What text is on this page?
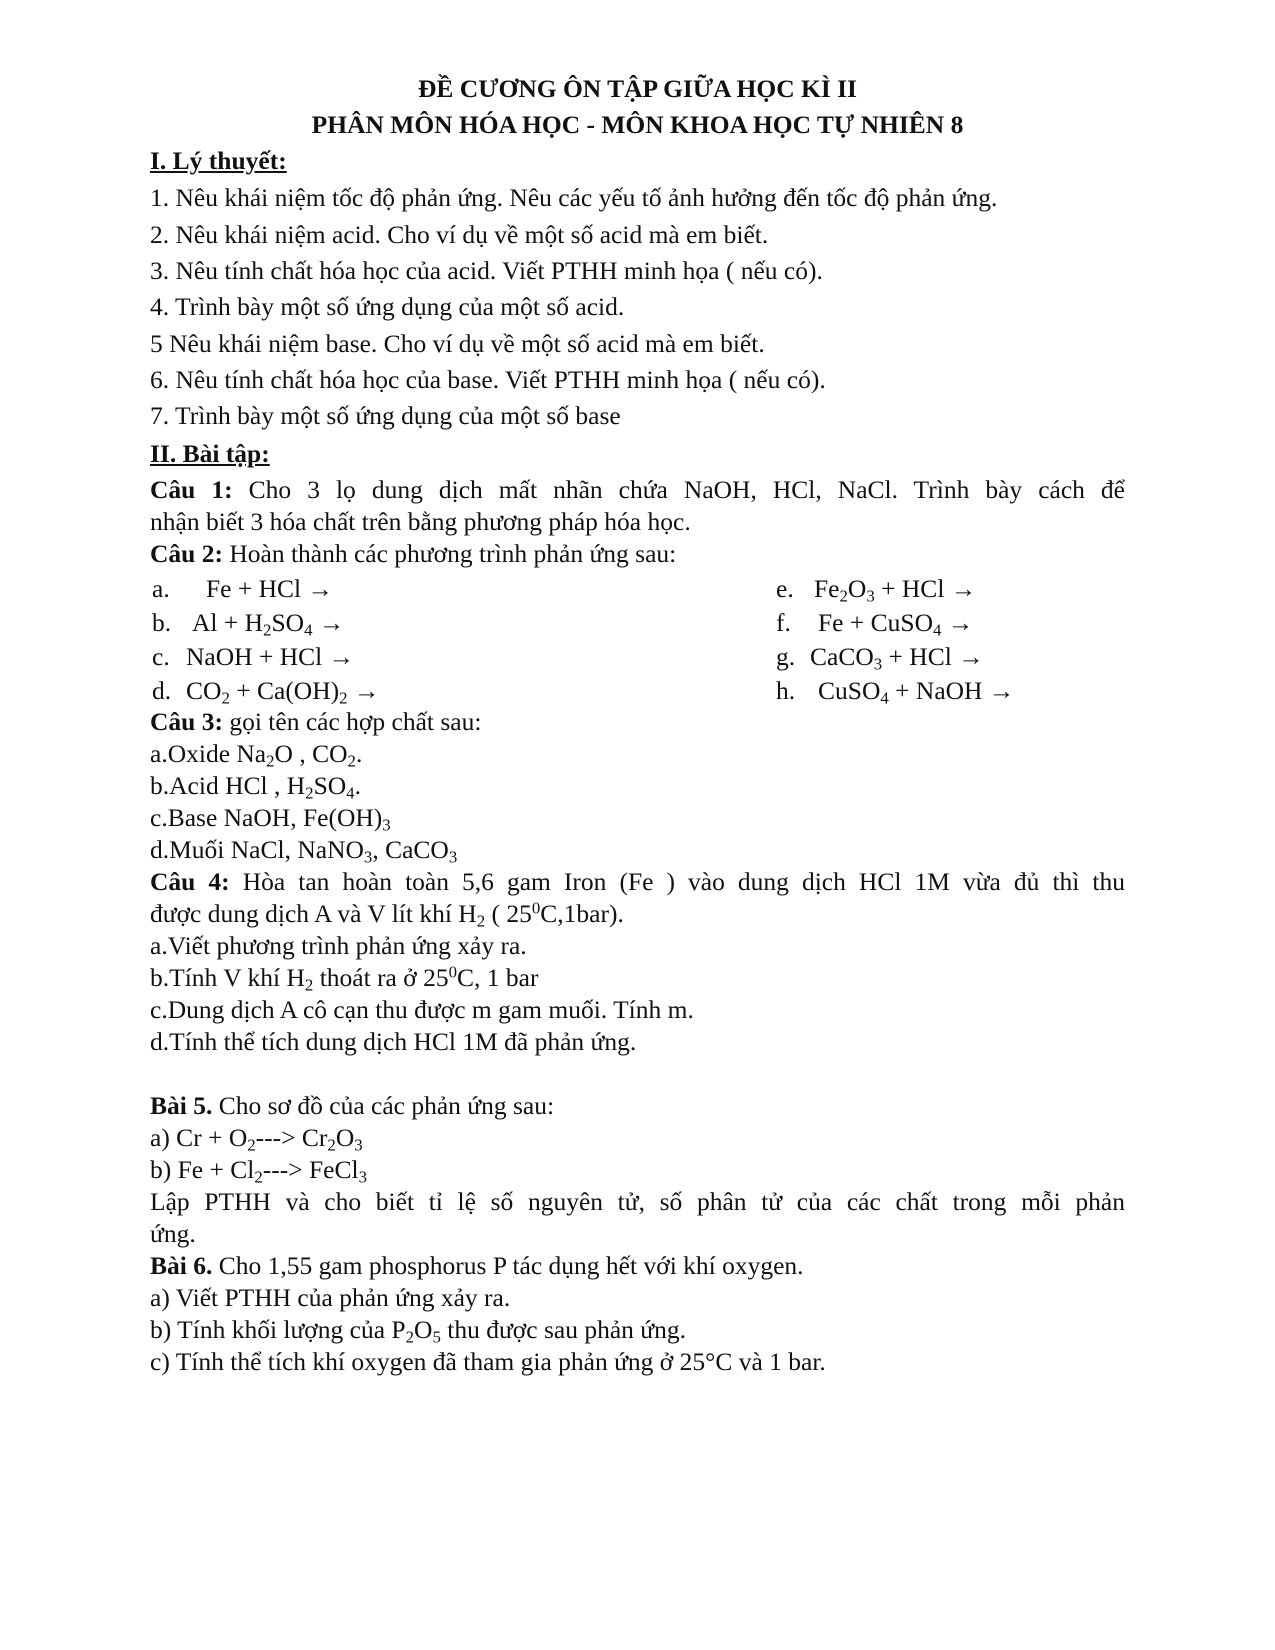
ĐỀ CƯƠNG ÔN TẬP GIỮA HỌC KÌ II
PHÂN MÔN HÓA HỌC - MÔN KHOA HỌC TỰ NHIÊN 8
I. Lý thuyết:
1. Nêu khái niệm tốc độ phản ứng. Nêu các yếu tố ảnh hưởng đến tốc độ phản ứng.
2. Nêu khái niệm acid. Cho ví dụ về một số acid mà em biết.
3. Nêu tính chất hóa học của acid. Viết PTHH minh họa ( nếu có).
4. Trình bày một số ứng dụng của một số acid.
5 Nêu khái niệm base. Cho ví dụ về một số acid mà em biết.
6. Nêu tính chất hóa học của base. Viết PTHH minh họa ( nếu có).
7. Trình bày một số ứng dụng của một số base
II. Bài tập:
Câu 1: Cho 3 lọ dung dịch mất nhãn chứa NaOH, HCl, NaCl. Trình bày cách để
nhận biết 3 hóa chất trên bằng phương pháp hóa học.
Câu 2: Hoàn thành các phương trình phản ứng sau:
a. Fe + HCl →
b. $Al + H_2SO_4$ →
c. NaOH + HCl →
d. $CO_2 + Ca(OH)_2$ →
e. $Fe_2O_3$ + HCl →
f. Fe + CuSO$_4$ →
g. CaCO$_3$ + HCl →
h. CuSO$_4$ + NaOH →
Câu 3: gọi tên các hợp chất sau:
a.Oxide $Na_2O$ , $CO_2$.
b.Acid HCl , $H_2SO_4$.
c.Base NaOH, $Fe(OH)_3$
d.Muối NaCl, NaNO$_3$, CaCO$_3$
Câu 4: Hòa tan hoàn toàn 5,6 gam Iron (Fe ) vào dung dịch HCl 1M vừa đủ thì thu
được dung dịch A và V lít khí $H_2$ ( $25^0C,1bar$).
a.Viết phương trình phản ứng xảy ra.
b.Tính V khí $H_2$ thoát ra ở $25^0C$, 1 bar
c.Dung dịch A cô cạn thu được m gam muối. Tính m.
d.Tính thể tích dung dịch HCl 1M đã phản ứng.
Bài 5. Cho sơ đồ của các phản ứng sau:
a) $Cr + O_2---> Cr_2O_3$
b) $Fe + Cl_2--->$ FeCl$_3$
Lập PTHH và cho biết tỉ lệ số nguyên tử, số phân tử của các chất trong mỗi phản
ứng.
Bài 6. Cho 1,55 gam phosphorus P tác dụng hết với khí oxygen.
a) Viết PTHH của phản ứng xảy ra.
b) Tính khối lượng của $P_2O_5$ thu được sau phản ứng.
c) Tính thể tích khí oxygen đã tham gia phản ứng ở 25°C và 1 bar.
